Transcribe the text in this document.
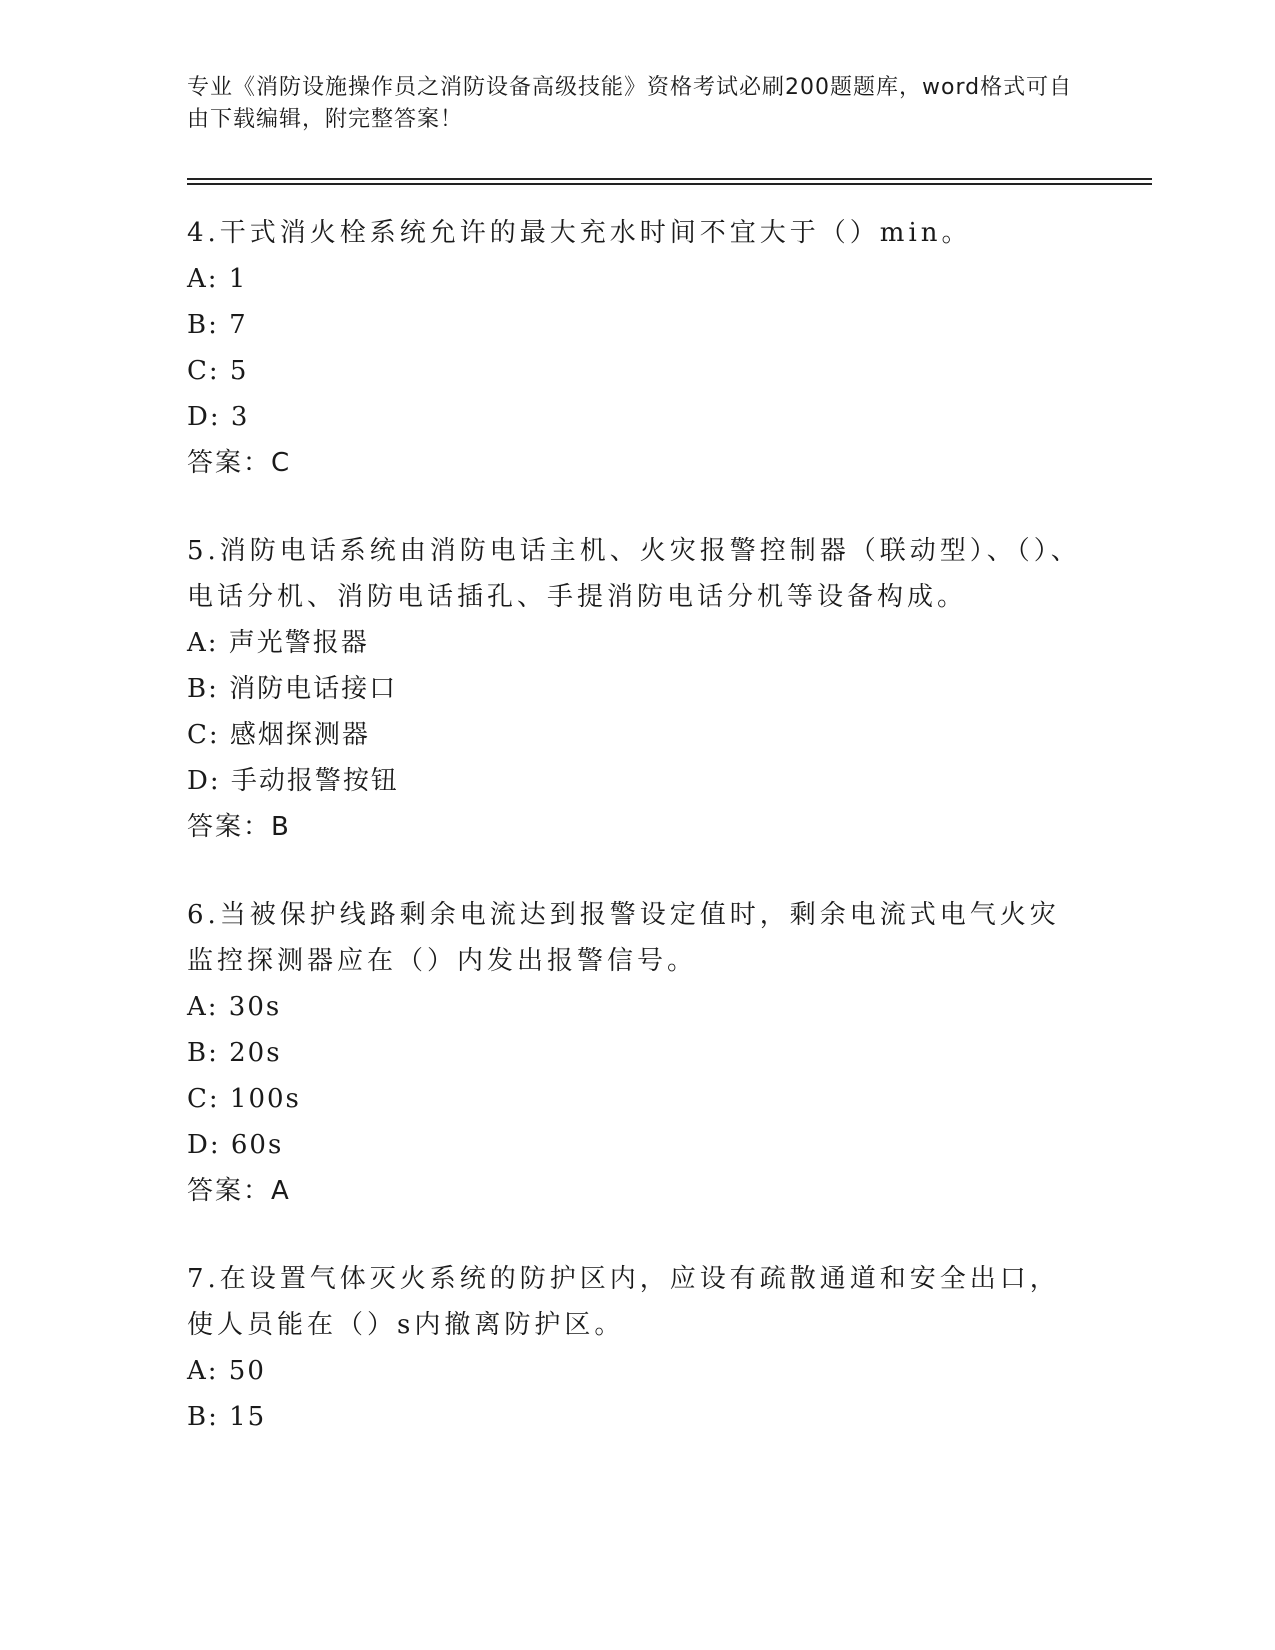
专业《消防设施操作员之消防设备高级技能》资格考试必刷200题题库，word格式可自由下载编辑，附完整答案！

4.干式消火栓系统允许的最大充水时间不宜大于（）min。

A: 1

B: 7

C: 5

D: 3

答案：C

5.消防电话系统由消防电话主机、火灾报警控制器（联动型）、（）、电话分机、消防电话插孔、手提消防电话分机等设备构成。

A: 声光警报器

B: 消防电话接口

C: 感烟探测器

D: 手动报警按钮

答案：B

6.当被保护线路剩余电流达到报警设定值时，剩余电流式电气火灾监控探测器应在（）内发出报警信号。

A: 30s

B: 20s

C: 100s

D: 60s

答案：A

7.在设置气体灭火系统的防护区内，应设有疏散通道和安全出口，使人员能在（）s内撤离防护区。

A: 50

B: 15
